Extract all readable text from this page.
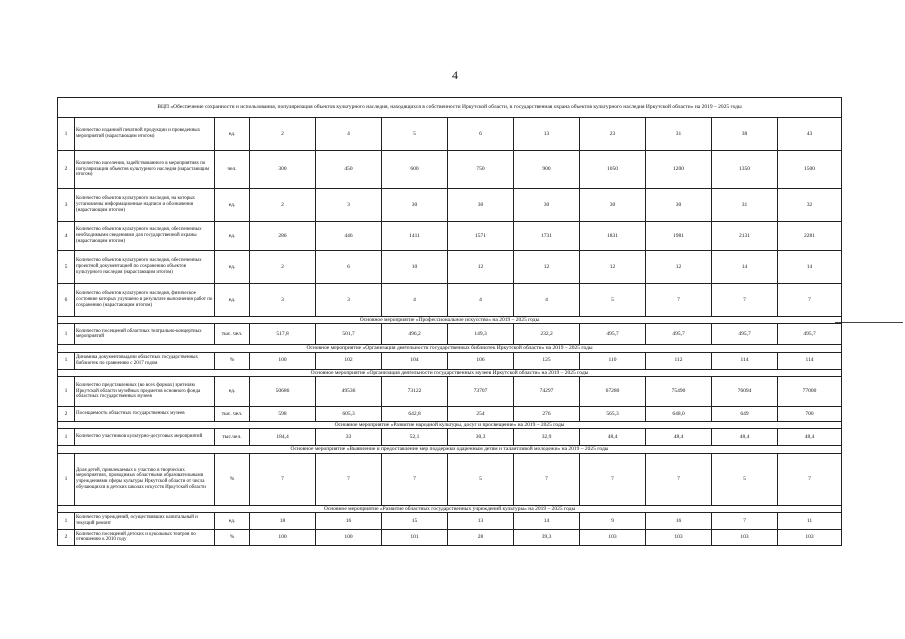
4
ВЦП «Обеспечение сохранности и использования, популяризация объектов культурного наследия, находящихся в собственности Иркутской области, и государственная охрана объектов культурного наследия Иркутской области» на 2019 – 2025 годы											
1	Количество изданной печатной продукции и проведенных мероприятий (нарастающим итогом)	ед.	2	4	5	6	13	23	31	38	43
2	Количество населения, задействованного в мероприятиях по популяризации объектов культурного наследия (нарастающим итогом)	чел.	300	450	600	750	900	1050	1200	1350	1500
3	Количество объектов культурного наследия, на которых установлены информационные надписи и обозначения (нарастающим итогом)	ед.	2	3	30	30	30	30	30	31	32
4	Количество объектов культурного наследия, обеспеченных необходимыми сведениями для государственной охраны (нарастающим итогом)	ед.	286	446	1411	1571	1731	1831	1981	2131	2281
5	Количество объектов культурного наследия, обеспеченных проектной документацией по сохранению объектов культурного наследия (нарастающим итогом)	ед.	2	6	10	12	12	12	12	14	14
6	Количество объектов культурного наследия, физическое состояние которых улучшено в результате выполнения работ по сохранению (нарастающим итогом)	ед.	3	3	4	4	4	5	7	7	7
Основное мероприятие «Профессиональное искусство» на 2019 – 2025 годы											
1	Количество посещений областных театрально-концертных мероприятий	тыс. чел.	517,8	501,7	496,2	149,3	232,2	495,7	495,7	495,7	495,7
Основное мероприятие «Организация деятельности государственных библиотек Иркутской области» на 2019 – 2025 годы											
1	Динамика документовыдачи областных государственных библиотек по сравнению с 2017 годом	%	100	102	104	106	125	110	112	114	114
Основное мероприятие «Организация деятельности государственных музеев Иркутской области» на 2019 – 2025 годы											
1	Количество представленных (во всех формах) зрителям Иркутской области музейных предметов основного фонда областных государственных музеев	ед.	50686	49536	73122	73707	74297	67280	75490	76094	77000
2	Посещаемость областных государственных музеев	тыс. чел.	598	605,3	642,8	254	276	565,3	648,0	649	700
Основное мероприятие «Развитие народной культуры, досуг и просвещение» на 2019 – 2025 годы											
1	Количество участников культурно-досуговых мероприятий	тыс.чел.	184,4	33	52,1	30,3	32,9	48,4	48,4	48,4	48,4
Основное мероприятие «Выявление и предоставление мер поддержки одаренным детям и талантливой молодежи» на 2019 – 2025 годы											
1	Доля детей, привлекаемых к участию в творческих мероприятиях, проводимых областными образовательными учреждениями сферы культуры Иркутской области от числа обучающихся в детских школах искусств Иркутской области	%	7	7	7	5	7	7	7	5	7
Основное мероприятие «Развитие областных государственных учреждений культуры» на 2019 – 2025 годы											
1	Количество учреждений, осуществивших капитальный и текущий ремонт	ед.	18	16	15	13	14	9	16	7	11
2	Количество посещений детских и кукольных театров по отношению к 2010 году	%	100	100	101	28	39,3	103	103	103	103
